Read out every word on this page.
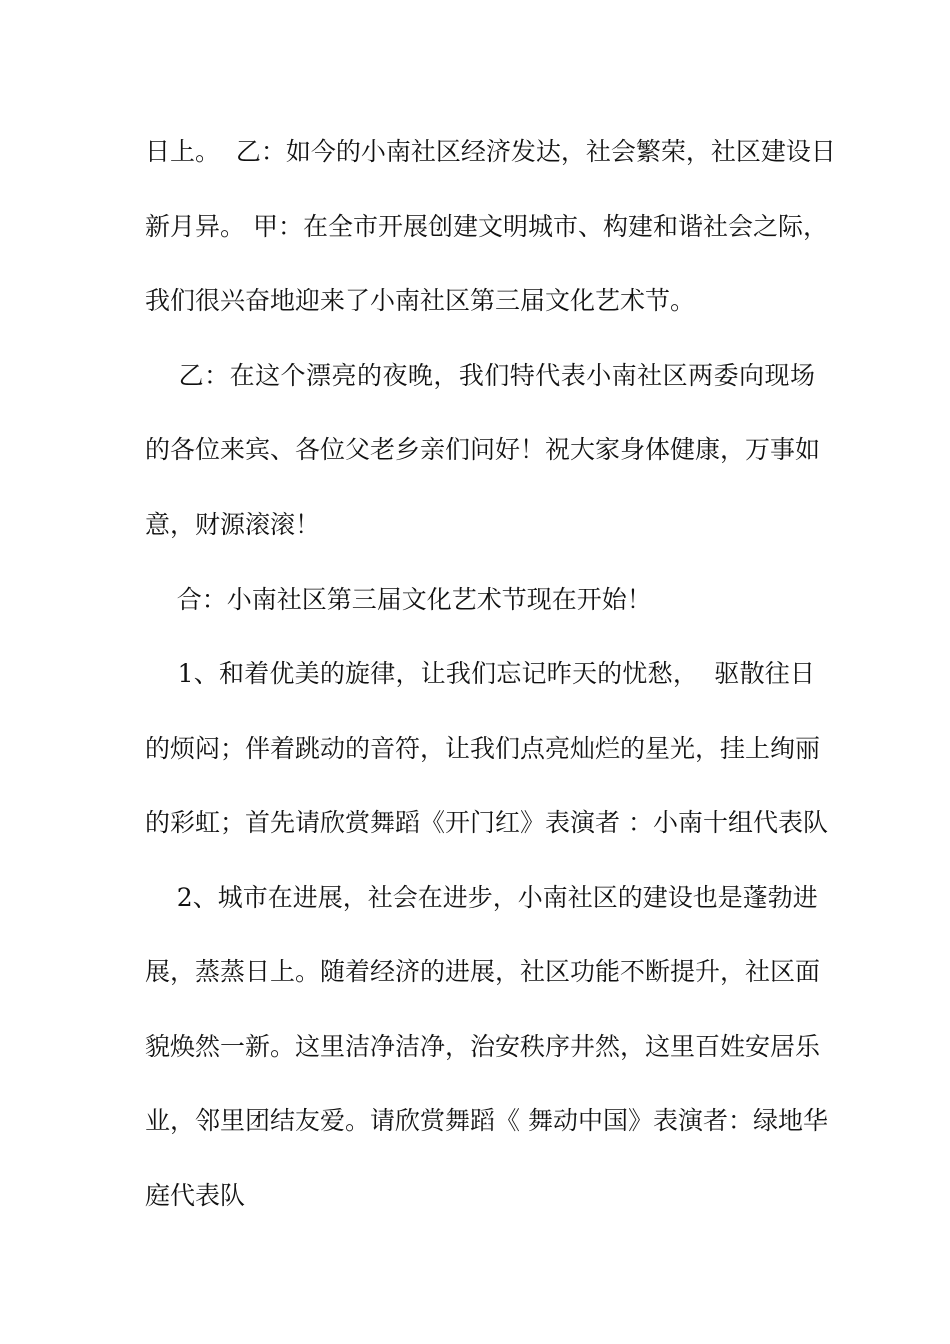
日上。  乙：如今的小南社区经济发达，社会繁荣，社区建设日
新月异。 甲：在全市开展创建文明城市、构建和谐社会之际，
我们很兴奋地迎来了小南社区第三届文化艺术节。
乙：在这个漂亮的夜晚，我们特代表小南社区两委向现场
的各位来宾、各位父老乡亲们问好！祝大家身体健康，万事如
意，财源滚滚！
合：小南社区第三届文化艺术节现在开始！
1、和着优美的旋律，让我们忘记昨天的忧愁，  驱散往日
的烦闷；伴着跳动的音符，让我们点亮灿烂的星光，挂上绚丽
的彩虹；首先请欣赏舞蹈《开门红》表演者 ：小南十组代表队
2、城市在进展，社会在进步，小南社区的建设也是蓬勃进
展，蒸蒸日上。随着经济的进展，社区功能不断提升，社区面
貌焕然一新。这里洁净洁净，治安秩序井然，这里百姓安居乐
业，邻里团结友爱。请欣赏舞蹈《 舞动中国》表演者：绿地华
庭代表队
